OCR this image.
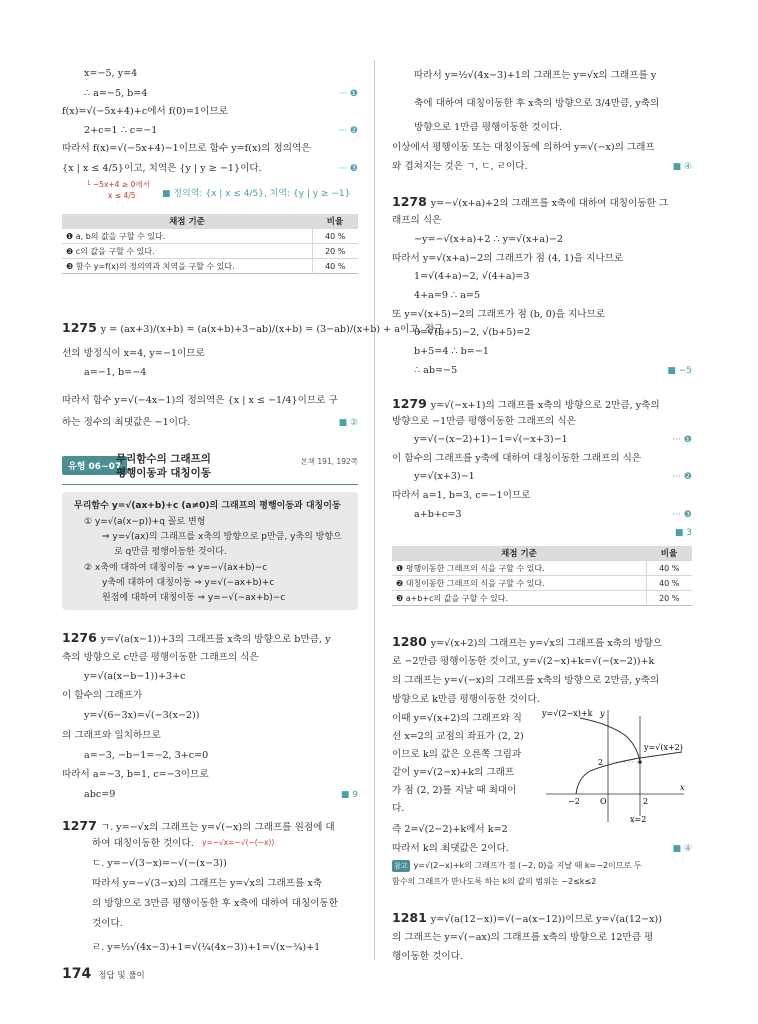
x=−5, y=4
∴ a=−5, b=4	··· ❶
f(x)=√(−5x+4)+c에서 f(0)=1이므로
2+c=1 ∴ c=−1	··· ❷
따라서 f(x)=√(−5x+4)−1이므로 함수 y=f(x)의 정의역은
{x | x ≤ 4/5}이고, 치역은 {y | y ≥ −1}이다.	··· ❸
└ −5x+4 ≥ 0에서
x ≤ 4/5	■ 정의역: {x | x ≤ 4/5}, 치역: {y | y ≥ −1}
채점 기준	비율
❶ a, b의 값을 구할 수 있다.	40 %
❷ c의 값을 구할 수 있다.	20 %
❸ 함수 y=f(x)의 정의역과 치역을 구할 수 있다.	40 %
1275 y = (ax+3)/(x+b) = (a(x+b)+3−ab)/(x+b) = (3−ab)/(x+b) + a이고, 점근
선의 방정식이 x=4, y=−1이므로
a=−1, b=−4
따라서 함수 y=√(−4x−1)의 정의역은 {x | x ≤ −1/4}이므로 구
하는 정수의 최댓값은 −1이다.	■ ②
유형 06~07
무리함수의 그래프의
평행이동과 대칭이동
본책 191, 192쪽
무리함수 y=√(ax+b)+c (a≠0)의 그래프의 평행이동과 대칭이동
① y=√(a(x−p))+q 꼴로 변형
⇒ y=√(ax)의 그래프를 x축의 방향으로 p만큼, y축의 방향으
로 q만큼 평행이동한 것이다.
② x축에 대하여 대칭이동 ⇒ y=−√(ax+b)−c
y축에 대하여 대칭이동 ⇒ y=√(−ax+b)+c
원점에 대하여 대칭이동 ⇒ y=−√(−ax+b)−c
1276 y=√(a(x−1))+3의 그래프를 x축의 방향으로 b만큼, y
축의 방향으로 c만큼 평행이동한 그래프의 식은
y=√(a(x−b−1))+3+c
이 함수의 그래프가
y=√(6−3x)=√(−3(x−2))
의 그래프와 일치하므로
a=−3, −b−1=−2, 3+c=0
따라서 a=−3, b=1, c=−3이므로
abc=9	■ 9
1277 ㄱ. y=−√x의 그래프는 y=√(−x)의 그래프를 원점에 대
하여 대칭이동한 것이다. y=−√x=−√(−(−x))
ㄷ. y=−√(3−x)=−√(−(x−3))
따라서 y=−√(3−x)의 그래프는 y=√x의 그래프를 x축
의 방향으로 3만큼 평행이동한 후 x축에 대하여 대칭이동한
것이다.
ㄹ. y=½√(4x−3)+1=√(¼(4x−3))+1=√(x−¾)+1
따라서 y=½√(4x−3)+1의 그래프는 y=√x의 그래프를 y
축에 대하여 대칭이동한 후 x축의 방향으로 3/4만큼, y축의
방향으로 1만큼 평행이동한 것이다.
이상에서 평행이동 또는 대칭이동에 의하여 y=√(−x)의 그래프
와 겹쳐지는 것은 ㄱ, ㄷ, ㄹ이다.	■ ④
1278 y=−√(x+a)+2의 그래프를 x축에 대하여 대칭이동한 그
래프의 식은
−y=−√(x+a)+2 ∴ y=√(x+a)−2
따라서 y=√(x+a)−2의 그래프가 점 (4, 1)을 지나므로
1=√(4+a)−2, √(4+a)=3
4+a=9 ∴ a=5
또 y=√(x+5)−2의 그래프가 점 (b, 0)을 지나므로
0=√(b+5)−2, √(b+5)=2
b+5=4 ∴ b=−1
∴ ab=−5	■ −5
1279 y=√(−x+1)의 그래프를 x축의 방향으로 2만큼, y축의
방향으로 −1만큼 평행이동한 그래프의 식은
y=√(−(x−2)+1)−1=√(−x+3)−1	··· ❶
이 함수의 그래프를 y축에 대하여 대칭이동한 그래프의 식은
y=√(x+3)−1	··· ❷
따라서 a=1, b=3, c=−1이므로
a+b+c=3	··· ❸
■ 3
채점 기준	비율
❶ 평행이동한 그래프의 식을 구할 수 있다.	40 %
❷ 대칭이동한 그래프의 식을 구할 수 있다.	40 %
❸ a+b+c의 값을 구할 수 있다.	20 %
1280 y=√(x+2)의 그래프는 y=√x의 그래프를 x축의 방향으
로 −2만큼 평행이동한 것이고, y=√(2−x)+k=√(−(x−2))+k
의 그래프는 y=√(−x)의 그래프를 x축의 방향으로 2만큼, y축의
방향으로 k만큼 평행이동한 것이다.
이때 y=√(x+2)의 그래프와 직
선 x=2의 교점의 좌표가 (2, 2)
이므로 k의 값은 오른쪽 그림과
같이 y=√(2−x)+k의 그래프
가 점 (2, 2)를 지날 때 최대이
다.
y=√(2−x)+k
y=√(x+2)
x
y
O
−2	2
2
x=2
즉 2=√(2−2)+k에서 k=2
따라서 k의 최댓값은 2이다.	■ ④
참고 y=√(2−x)+k의 그래프가 점 (−2, 0)을 지날 때 k=−2이므로 두
함수의 그래프가 만나도록 하는 k의 값의 범위는 −2≤k≤2
1281 y=√(a(12−x))=√(−a(x−12))이므로 y=√(a(12−x))
의 그래프는 y=√(−ax)의 그래프를 x축의 방향으로 12만큼 평
행이동한 것이다.
174 정답 및 풀이
